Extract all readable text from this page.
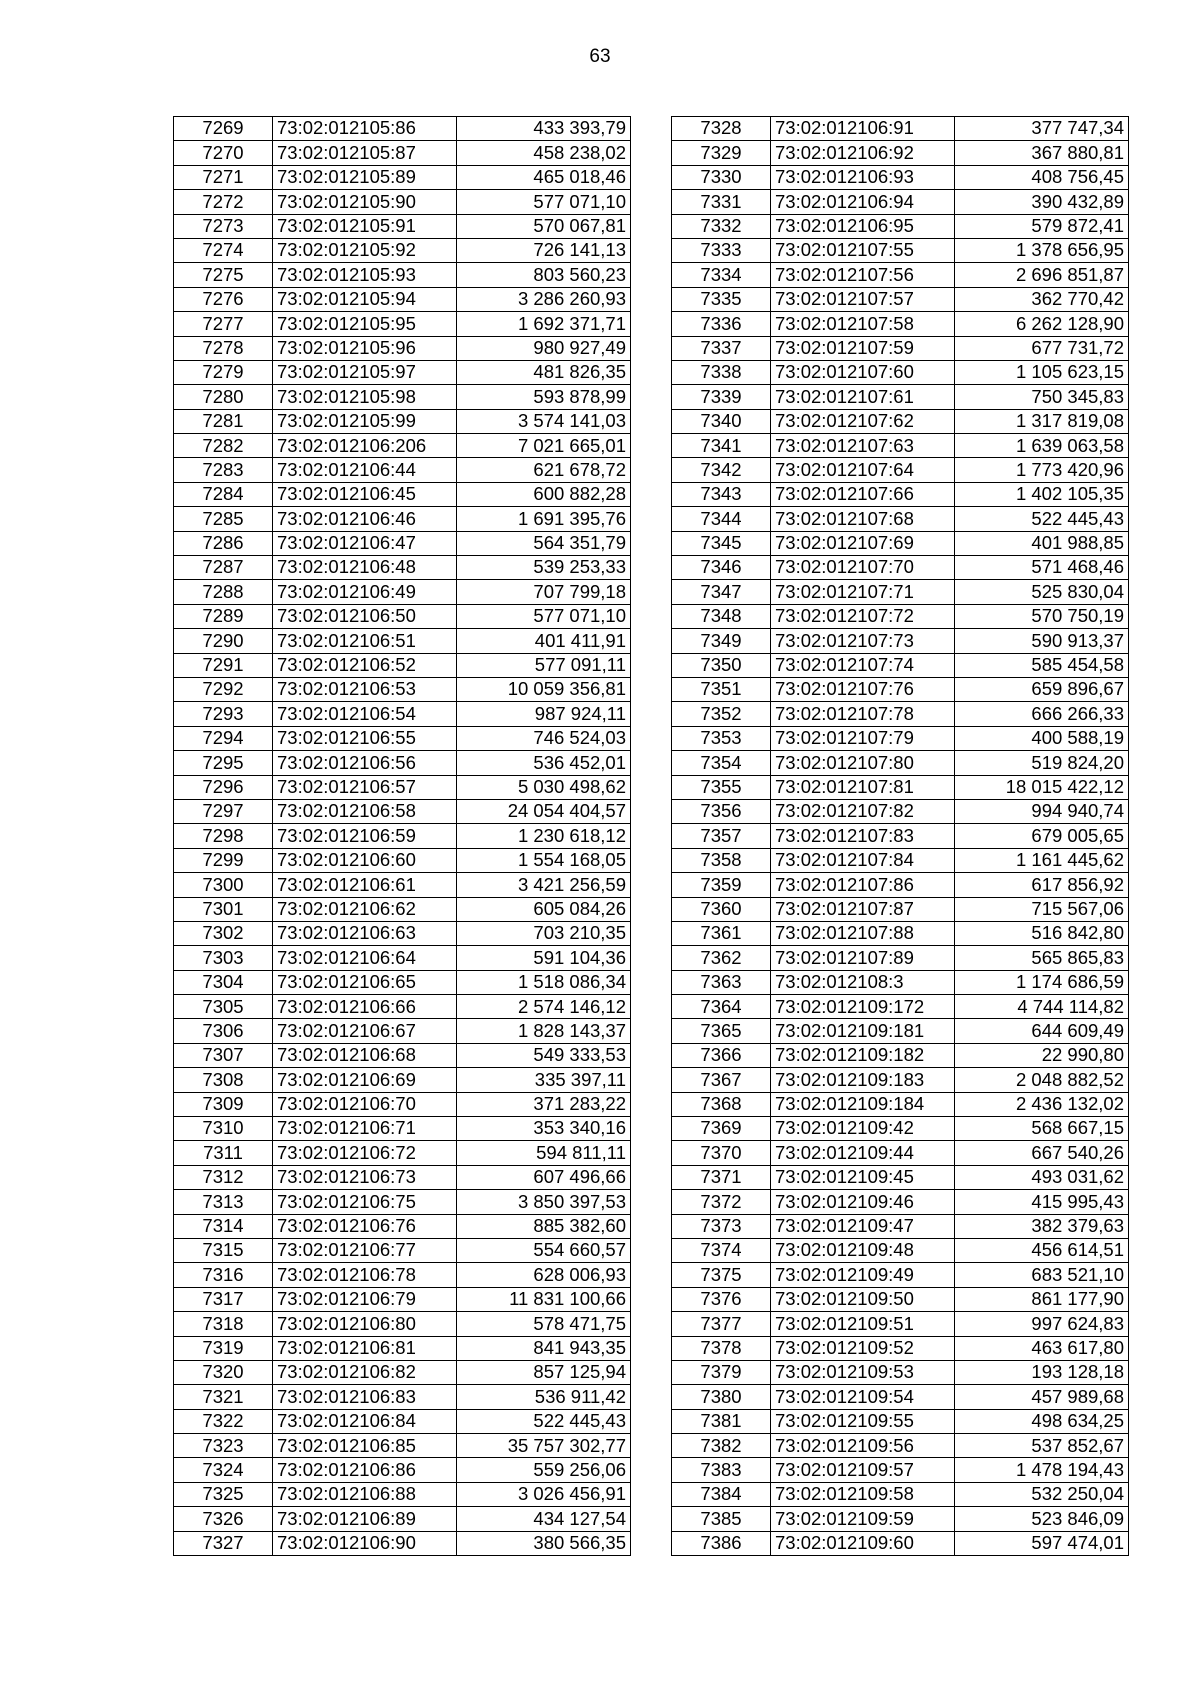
63
7269	73:02:012105:86	433 393,79
7270	73:02:012105:87	458 238,02
7271	73:02:012105:89	465 018,46
7272	73:02:012105:90	577 071,10
7273	73:02:012105:91	570 067,81
7274	73:02:012105:92	726 141,13
7275	73:02:012105:93	803 560,23
7276	73:02:012105:94	3 286 260,93
7277	73:02:012105:95	1 692 371,71
7278	73:02:012105:96	980 927,49
7279	73:02:012105:97	481 826,35
7280	73:02:012105:98	593 878,99
7281	73:02:012105:99	3 574 141,03
7282	73:02:012106:206	7 021 665,01
7283	73:02:012106:44	621 678,72
7284	73:02:012106:45	600 882,28
7285	73:02:012106:46	1 691 395,76
7286	73:02:012106:47	564 351,79
7287	73:02:012106:48	539 253,33
7288	73:02:012106:49	707 799,18
7289	73:02:012106:50	577 071,10
7290	73:02:012106:51	401 411,91
7291	73:02:012106:52	577 091,11
7292	73:02:012106:53	10 059 356,81
7293	73:02:012106:54	987 924,11
7294	73:02:012106:55	746 524,03
7295	73:02:012106:56	536 452,01
7296	73:02:012106:57	5 030 498,62
7297	73:02:012106:58	24 054 404,57
7298	73:02:012106:59	1 230 618,12
7299	73:02:012106:60	1 554 168,05
7300	73:02:012106:61	3 421 256,59
7301	73:02:012106:62	605 084,26
7302	73:02:012106:63	703 210,35
7303	73:02:012106:64	591 104,36
7304	73:02:012106:65	1 518 086,34
7305	73:02:012106:66	2 574 146,12
7306	73:02:012106:67	1 828 143,37
7307	73:02:012106:68	549 333,53
7308	73:02:012106:69	335 397,11
7309	73:02:012106:70	371 283,22
7310	73:02:012106:71	353 340,16
7311	73:02:012106:72	594 811,11
7312	73:02:012106:73	607 496,66
7313	73:02:012106:75	3 850 397,53
7314	73:02:012106:76	885 382,60
7315	73:02:012106:77	554 660,57
7316	73:02:012106:78	628 006,93
7317	73:02:012106:79	11 831 100,66
7318	73:02:012106:80	578 471,75
7319	73:02:012106:81	841 943,35
7320	73:02:012106:82	857 125,94
7321	73:02:012106:83	536 911,42
7322	73:02:012106:84	522 445,43
7323	73:02:012106:85	35 757 302,77
7324	73:02:012106:86	559 256,06
7325	73:02:012106:88	3 026 456,91
7326	73:02:012106:89	434 127,54
7327	73:02:012106:90	380 566,35
7328	73:02:012106:91	377 747,34
7329	73:02:012106:92	367 880,81
7330	73:02:012106:93	408 756,45
7331	73:02:012106:94	390 432,89
7332	73:02:012106:95	579 872,41
7333	73:02:012107:55	1 378 656,95
7334	73:02:012107:56	2 696 851,87
7335	73:02:012107:57	362 770,42
7336	73:02:012107:58	6 262 128,90
7337	73:02:012107:59	677 731,72
7338	73:02:012107:60	1 105 623,15
7339	73:02:012107:61	750 345,83
7340	73:02:012107:62	1 317 819,08
7341	73:02:012107:63	1 639 063,58
7342	73:02:012107:64	1 773 420,96
7343	73:02:012107:66	1 402 105,35
7344	73:02:012107:68	522 445,43
7345	73:02:012107:69	401 988,85
7346	73:02:012107:70	571 468,46
7347	73:02:012107:71	525 830,04
7348	73:02:012107:72	570 750,19
7349	73:02:012107:73	590 913,37
7350	73:02:012107:74	585 454,58
7351	73:02:012107:76	659 896,67
7352	73:02:012107:78	666 266,33
7353	73:02:012107:79	400 588,19
7354	73:02:012107:80	519 824,20
7355	73:02:012107:81	18 015 422,12
7356	73:02:012107:82	994 940,74
7357	73:02:012107:83	679 005,65
7358	73:02:012107:84	1 161 445,62
7359	73:02:012107:86	617 856,92
7360	73:02:012107:87	715 567,06
7361	73:02:012107:88	516 842,80
7362	73:02:012107:89	565 865,83
7363	73:02:012108:3	1 174 686,59
7364	73:02:012109:172	4 744 114,82
7365	73:02:012109:181	644 609,49
7366	73:02:012109:182	22 990,80
7367	73:02:012109:183	2 048 882,52
7368	73:02:012109:184	2 436 132,02
7369	73:02:012109:42	568 667,15
7370	73:02:012109:44	667 540,26
7371	73:02:012109:45	493 031,62
7372	73:02:012109:46	415 995,43
7373	73:02:012109:47	382 379,63
7374	73:02:012109:48	456 614,51
7375	73:02:012109:49	683 521,10
7376	73:02:012109:50	861 177,90
7377	73:02:012109:51	997 624,83
7378	73:02:012109:52	463 617,80
7379	73:02:012109:53	193 128,18
7380	73:02:012109:54	457 989,68
7381	73:02:012109:55	498 634,25
7382	73:02:012109:56	537 852,67
7383	73:02:012109:57	1 478 194,43
7384	73:02:012109:58	532 250,04
7385	73:02:012109:59	523 846,09
7386	73:02:012109:60	597 474,01
